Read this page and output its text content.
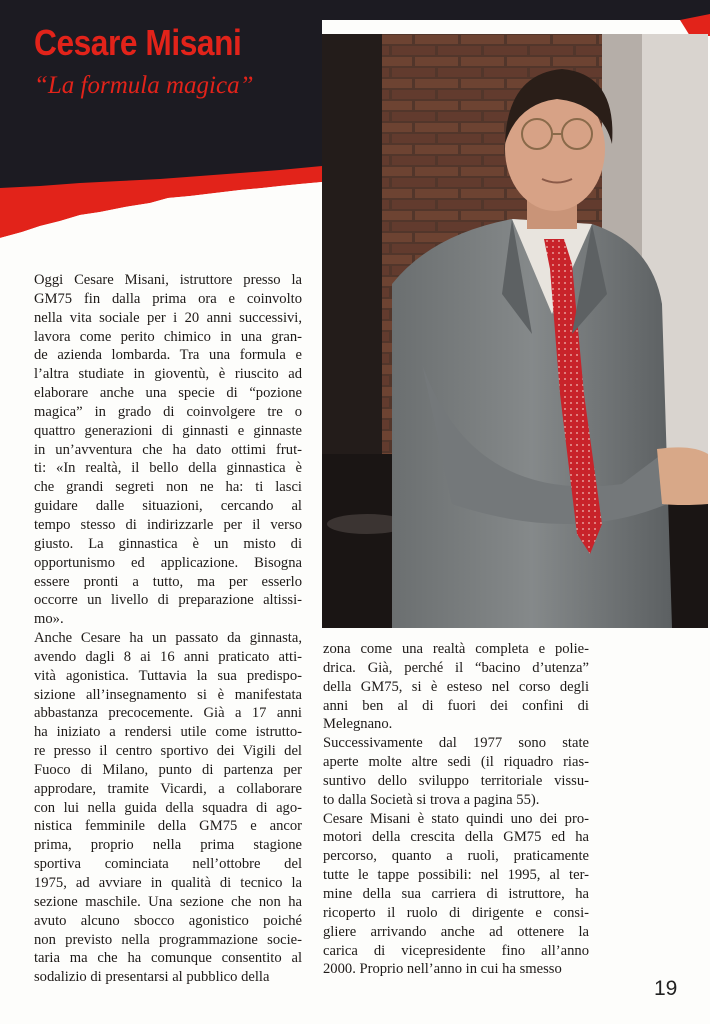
Cesare Misani
“La formula magica”
Oggi Cesare Misani, istruttore presso la
GM75 fin dalla prima ora e coinvolto
nella vita sociale per i 20 anni successivi,
lavora come perito chimico in una gran-
de azienda lombarda. Tra una formula e
l’altra studiate in gioventù, è riuscito ad
elaborare anche una specie di “pozione
magica” in grado di coinvolgere tre o
quattro generazioni di ginnasti e ginnaste
in un’avventura che ha dato ottimi frut-
ti: «In realtà, il bello della ginnastica è
che grandi segreti non ne ha: ti lasci
guidare dalle situazioni, cercando al
tempo stesso di indirizzarle per il verso
giusto. La ginnastica è un misto di
opportunismo ed applicazione. Bisogna
essere pronti a tutto, ma per esserlo
occorre un livello di preparazione altissi-
mo».
Anche Cesare ha un passato da ginnasta,
avendo dagli 8 ai 16 anni praticato atti-
vità agonistica. Tuttavia la sua predispo-
sizione all’insegnamento si è manifestata
abbastanza precocemente. Già a 17 anni
ha iniziato a rendersi utile come istrutto-
re presso il centro sportivo dei Vigili del
Fuoco di Milano, punto di partenza per
approdare, tramite Vicardi, a collaborare
con lui nella guida della squadra di ago-
nistica femminile della GM75 e ancor
prima, proprio nella prima stagione
sportiva cominciata nell’ottobre del
1975, ad avviare in qualità di tecnico la
sezione maschile. Una sezione che non ha
avuto alcuno sbocco agonistico poiché
non previsto nella programmazione socie-
taria ma che ha comunque consentito al
sodalizio di presentarsi al pubblico della
zona come una realtà completa e polie-
drica. Già, perché il “bacino d’utenza”
della GM75, si è esteso nel corso degli
anni ben al di fuori dei confini di
Melegnano.
Successivamente dal 1977 sono state
aperte molte altre sedi (il riquadro rias-
suntivo dello sviluppo territoriale vissu-
to dalla Società si trova a pagina 55).
Cesare Misani è stato quindi uno dei pro-
motori della crescita della GM75 ed ha
percorso, quanto a ruoli, praticamente
tutte le tappe possibili: nel 1995, al ter-
mine della sua carriera di istruttore, ha
ricoperto il ruolo di dirigente e consi-
gliere arrivando anche ad ottenere la
carica di vicepresidente fino all’anno
2000. Proprio nell’anno in cui ha smesso
19
